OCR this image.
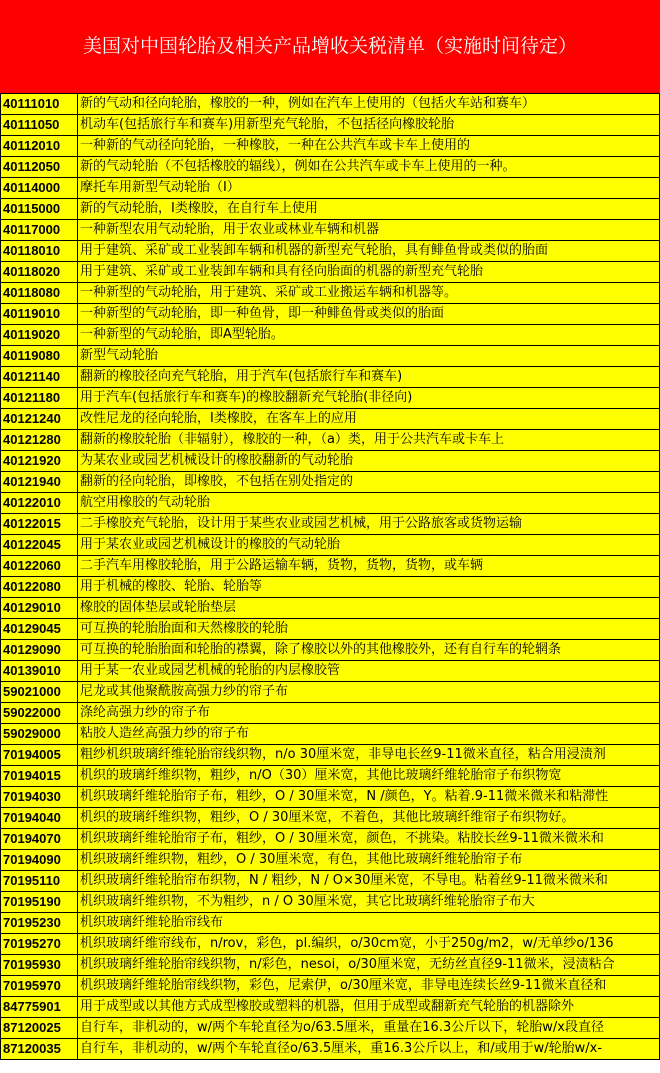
美国对中国轮胎及相关产品增收关税清单（实施时间待定）
40111010	新的气动和径向轮胎，橡胶的一种，例如在汽车上使用的（包括火车站和赛车）
40111050	机动车(包括旅行车和赛车)用新型充气轮胎，不包括径向橡胶轮胎
40112010	一种新的气动径向轮胎，一种橡胶，一种在公共汽车或卡车上使用的
40112050	新的气动轮胎（不包括橡胶的辐线），例如在公共汽车或卡车上使用的一种。
40114000	摩托车用新型气动轮胎（Ⅰ）
40115000	新的气动轮胎，Ⅰ类橡胶，在自行车上使用
40117000	一种新型农用气动轮胎，用于农业或林业车辆和机器
40118010	用于建筑、采矿或工业装卸车辆和机器的新型充气轮胎，具有鲱鱼骨或类似的胎面
40118020	用于建筑、采矿或工业装卸车辆和具有径向胎面的机器的新型充气轮胎
40118080	一种新型的气动轮胎，用于建筑、采矿或工业搬运车辆和机器等。
40119010	一种新型的气动轮胎，即一种鱼骨，即一种鲱鱼骨或类似的胎面
40119020	一种新型的气动轮胎，即A型轮胎。
40119080	新型气动轮胎
40121140	翻新的橡胶径向充气轮胎，用于汽车(包括旅行车和赛车)
40121180	用于汽车(包括旅行车和赛车)的橡胶翻新充气轮胎(非径向)
40121240	改性尼龙的径向轮胎，Ⅰ类橡胶，在客车上的应用
40121280	翻新的橡胶轮胎（非辐射），橡胶的一种，（a）类，用于公共汽车或卡车上
40121920	为某农业或园艺机械设计的橡胶翻新的气动轮胎
40121940	翻新的径向轮胎，即橡胶，不包括在别处指定的
40122010	航空用橡胶的气动轮胎
40122015	二手橡胶充气轮胎，设计用于某些农业或园艺机械，用于公路旅客或货物运输
40122045	用于某农业或园艺机械设计的橡胶的气动轮胎
40122060	二手汽车用橡胶轮胎，用于公路运输车辆，货物，货物，货物，或车辆
40122080	用于机械的橡胶、轮胎、轮胎等
40129010	橡胶的固体垫层或轮胎垫层
40129045	可互换的轮胎胎面和天然橡胶的轮胎
40129090	可互换的轮胎胎面和轮胎的襟翼，除了橡胶以外的其他橡胶外，还有自行车的轮辋条
40139010	用于某一农业或园艺机械的轮胎的内层橡胶管
59021000	尼龙或其他聚酰胺高强力纱的帘子布
59022000	涤纶高强力纱的帘子布
59029000	粘胶人造丝高强力纱的帘子布
70194005	粗纱机织玻璃纤维轮胎帘线织物，n/o 30厘米宽，非导电长丝9-11微米直径，粘合用浸渍剂
70194015	机织的玻璃纤维织物，粗纱，n/O（30）厘米宽，其他比玻璃纤维轮胎帘子布织物宽
70194030	机织玻璃纤维轮胎帘子布，粗纱，O / 30厘米宽，N /颜色，Y。粘着.9-11微米微米和粘滞性
70194040	机织的玻璃纤维织物，粗纱，O / 30厘米宽，不着色，其他比玻璃纤维帘子布织物好。
70194070	机织玻璃纤维轮胎帘子布，粗纱，O / 30厘米宽，颜色，不挑染。粘胶长丝9-11微米微米和
70194090	机织玻璃纤维织物，粗纱，O / 30厘米宽，有色，其他比玻璃纤维轮胎帘子布
70195110	机织玻璃纤维轮胎帘布织物，N / 粗纱，N / O×30厘米宽，不导电。粘着丝9-11微米微米和
70195190	机织玻璃纤维织物，不为粗纱，n / O 30厘米宽，其它比玻璃纤维轮胎帘子布大
70195230	机织玻璃纤维轮胎帘线布
70195270	机织玻璃纤维帘线布，n/rov，彩色，pl.编织，o/30cm宽，小于250g/m2，w/无单纱o/136
70195930	机织玻璃纤维轮胎帘线织物，n/彩色，nesoi，o/30厘米宽，无纺丝直径9-11微米，浸渍粘合
70195970	机织玻璃纤维轮胎帘线织物，彩色，尼索伊，o/30厘米宽，非导电连续长丝9-11微米直径和
84775901	用于成型或以其他方式成型橡胶或塑料的机器，但用于成型或翻新充气轮胎的机器除外
87120025	自行车，非机动的，w/两个车轮直径为o/63.5厘米，重量在16.3公斤以下，轮胎w/x段直径
87120035	自行车，非机动的，w/两个车轮直径o/63.5厘米，重16.3公斤以上，和/或用于w/轮胎w/x-
